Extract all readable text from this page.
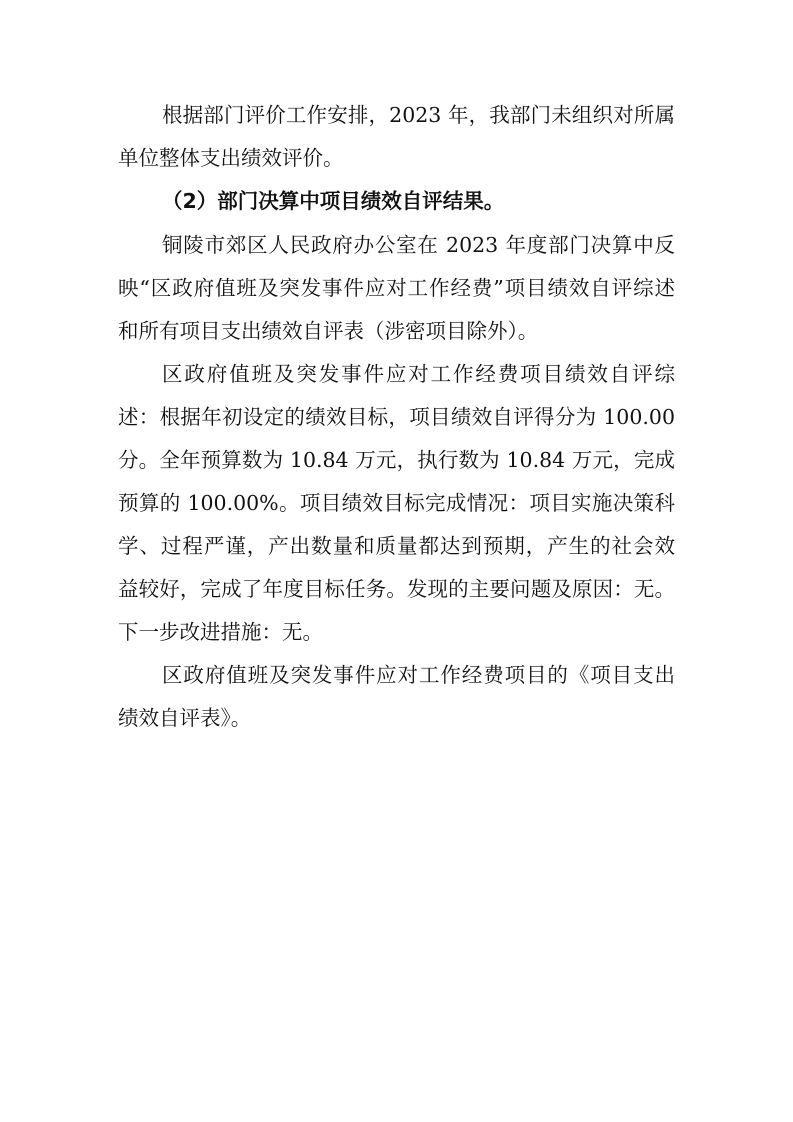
根据部门评价工作安排，2023 年，我部门未组织对所属
单位整体支出绩效评价。
（2）部门决算中项目绩效自评结果。
铜陵市郊区人民政府办公室在 2023 年度部门决算中反
映“区政府值班及突发事件应对工作经费”项目绩效自评综述
和所有项目支出绩效自评表（涉密项目除外）。
区政府值班及突发事件应对工作经费项目绩效自评综
述：根据年初设定的绩效目标，项目绩效自评得分为 100.00
分。全年预算数为 10.84 万元，执行数为 10.84 万元，完成
预算的 100.00%。项目绩效目标完成情况：项目实施决策科
学、过程严谨，产出数量和质量都达到预期，产生的社会效
益较好，完成了年度目标任务。发现的主要问题及原因：无。
下一步改进措施：无。
区政府值班及突发事件应对工作经费项目的《项目支出
绩效自评表》。
